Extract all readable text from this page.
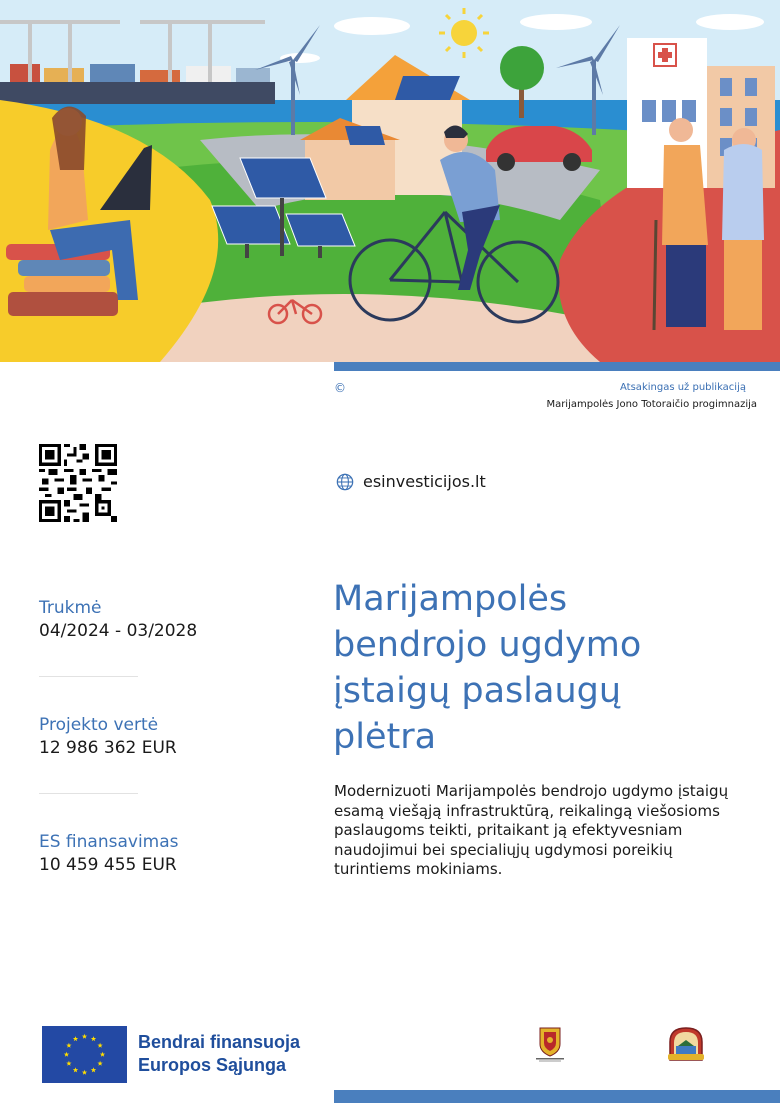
©	Atsakingas už publikaciją
Marijampolės Jono Totoraičio progimnazija
esinvesticijos.lt
Trukmė
04/2024 - 03/2028
Projekto vertė
12 986 362 EUR
ES finansavimas
10 459 455 EUR
Marijampolės
bendrojo ugdymo
įstaigų paslaugų
plėtra
Modernizuoti Marijampolės bendrojo ugdymo įstaigų esamą viešąją infrastruktūrą, reikalingą viešosioms paslaugoms teikti, pritaikant ją efektyvesniam naudojimui bei specialiųjų ugdymosi poreikių turintiems mokiniams.
Bendrai finansuoja
Europos Sąjunga
